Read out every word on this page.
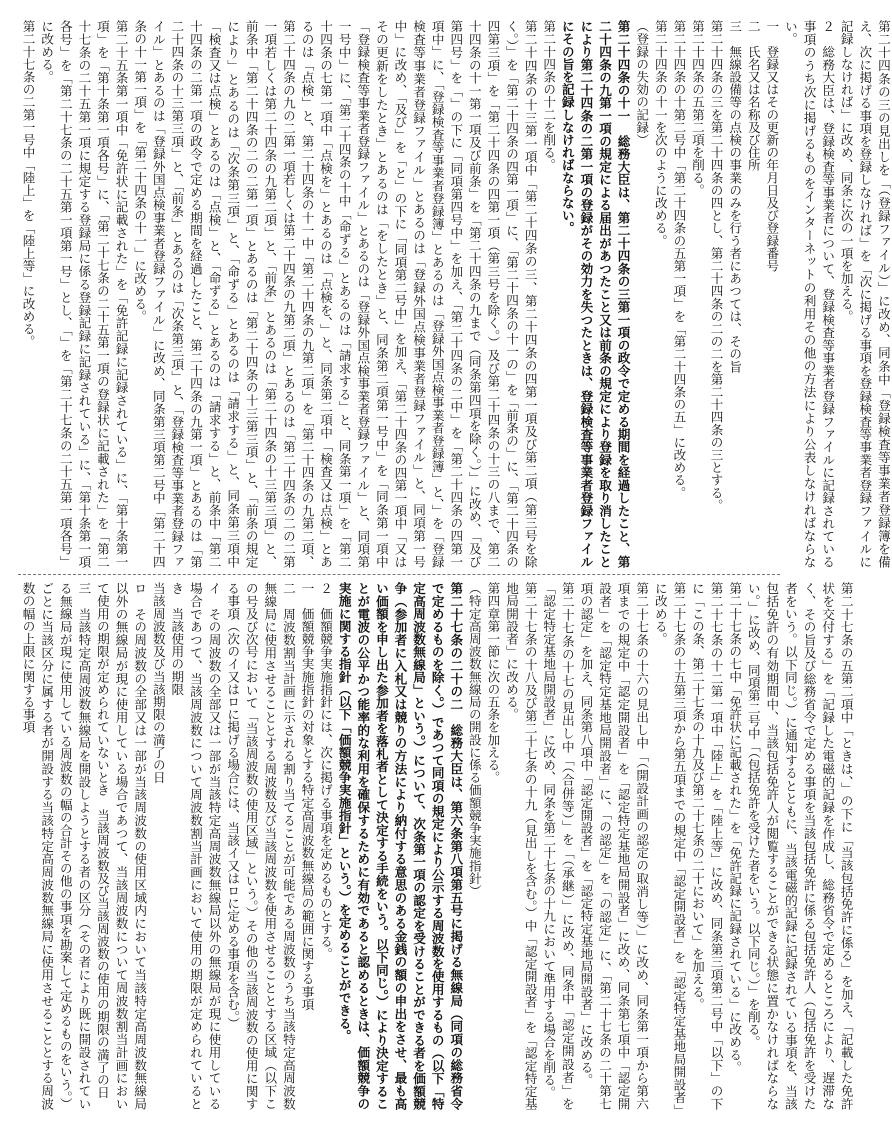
第二十四条の三の見出しを「（登録ファイル）」に改め、同条中「登録検査等事業者登録簿を備え、次に掲げる事項を登録しなければ」を「次に掲げる事項を登録検査等事業者登録ファイルに記録しなければ」に改め、同条に次の一項を加える。
２　総務大臣は、登録検査等事業者について、登録検査等事業者登録ファイルに記録されている事項のうち次に掲げるものをインターネットの利用その他の方法により公表しなければならない。
一　登録又はその更新の年月日及び登録番号
二　氏名又は名称及び住所
三　無線設備等の点検の事業のみを行う者にあつては、その旨
第二十四条の三を第二十四条の四とし、第二十四条の二の二を第二十四条の三とする。
第二十四条の五第二項を削る。
第二十四条の十第二号中「第二十四条の五第一項」を「第二十四条の五」に改める。
第二十四条の十一を次のように改める。
（登録の失効の記録）
第二十四条の十一　総務大臣は、第二十四条の三第一項の政令で定める期間を経過したこと、第二十四条の九第一項の規定による届出があつたこと又は前条の規定により登録を取り消したことにより第二十四条の二第一項の登録がその効力を失つたときは、登録検査等事業者登録ファイルにその旨を記録しなければならない。
第二十四条の十二を削る。
第二十四条の十三第一項中「第二十四条の三、第二十四条の四第一項及び第二項（第三号を除く。）」を「第二十四条の四第一項」に、「第二十四条の十一の」を「前条の」に、「第二十四条の四第三項」を「第二十四条の四第一項（第三号を除く。）及び第二十四条の十三の八まで、第二十四条の十一第一項及び前条」を「第二十四条の九まで（同条第四項を除く。）」に改め、「及び第四号」を「」の下に「同項第四号中」を加え、「第二十四条の二中」を「第二十四条の四第一項中」に、「登録検査等事業者登録簿」とあるのは「登録外国点検事業者登録簿」と、」を「登録検査等事業者登録ファイル」とあるのは「登録外国点検事業者登録ファイル」と、同項第一号中」に改め、「及び」を「と」の下に「同項第二号中」を加え、「第二十四条の四第一項中「又はその更新をしたとき」とあるのは「をしたとき」と、同条第二項第一号中」を「同条第一項中「登録検査等事業者登録ファイル」とあるのは「登録外国点検事業者登録ファイル」と、同項第一号中」に、「第二十四条の十中「命ずる」とあるのは「請求する」と、同条第一項」を「第二十四条の七第一項中「点検を」とあるのは「点検を、」と、同条第二項中「検査又は点検」とあるのは「点検」と、第二十四条の十一中「第二十四条の九第二項」を「第二十四条の九第二項、第二十四条の九の二第一項若しくは第二十四条の九第二項」とあるのは「第二十四条の二の二第一項若しくは第二十四条の九第二項」と、「前条」とあるのは「第二十四条の十三第三項」と、前条中「第二十四条の二の二第一項」とあるのは「第二十四条の十三第三項」と、「前条の規定により」とあるのは「次条第三項」と、「命ずる」とあるのは「請求する」と、同条第三項中「検査又は点検」とあるのは「点検」と、「命ずる」とあるのは「請求する」と、前条中「第二十四条の二第一項の政令で定める期間を経過したこと、第二十四条の九第一項」とあるのは「第二十四条の十三第三項」と、「前条」とあるのは「次条第三項」と、「登録検査等事業者登録ファイル」とあるのは「登録外国点検事業者登録ファイル」に改め、同条第三項第二号中「第二十四条の十一第一項」を「第二十四条の十一」に改める。
第二十五条第一項中「免許状に記載された」を「免許記録に記録されている」に、「第十条第一項」を「第十条第一項各号」に、「第二十七条の二十五第一項の登録状に記載された」を「第二十七条の二十五第一項に規定する登録局に係る登録記録に記録されている」に、「第十条第一項各号」を「第二十七条の二十五第一項第一号」とし、「」を「第二十七条の二十五第一項各号」に改める。
第二十七条の二第一号中「陸上」を「陸上等」に改める。
第二十七条の五第二項中「ときは、」の下に「当該包括免許に係る」を加え、「記載した免許状を交付する」を「記録した電磁的記録を作成し、総務省令で定めるところにより、遅滞なく、その旨及び総務省令で定める事項を当該包括免許に係る包括免許人（包括免許を受けた者をいう。以下同じ。）に通知するとともに、当該電磁的記録に記録されている事項を、当該包括免許の有効期間中、当該包括免許人が閲覧することができる状態に置かなければならない。」に改め、同項第二号中「（包括免許を受けた者をいう。以下同じ。）」を削る。
第二十七条の七中「免許状に記載された」を「免許記録に記録されている」に改める。
第二十七条の十二第一項中「陸上」を「陸上等」に改め、同条第三項第二号中「以下」の下に「この条、第二十七条の十九及び第二十七条の二十において」を加える。
第二十七条の十五第三項から第五項までの規定中「認定開設者」を「認定特定基地局開設者」に改める。
第二十七条の十六の見出し中「（開設計画の認定の取消し等）」に改め、同条第一項から第六項までの規定中「認定開設者」を「認定特定基地局開設者」に改め、同条第七項中「認定開設者」を「認定特定基地局開設者」に、「の認定」を「の認定」に、「第二十七条の二十第七項の認定」を加え、同条第八項中「認定開設者」を「認定特定基地局開設者」に改める。
第二十七条の十七の見出し中「（合併等）」を「（承継）」に改め、同条中「認定開設者」を「認定特定基地局開設者」に改め、同条を第二十七条の十九において準用する場合を削る。
第二十七条の十八及び第二十七条の十九（見出しを含む。）中「認定開設者」を「認定特定基地局開設者」に改める。
第四章第一節に次の五条を加える。
（特定高周波数無線局の開設に係る価額競争実施指針）
第二十七条の二十の二　総務大臣は、第六条第八項第五号に掲げる無線局（同項の総務省令で定めるものを除く。）であつて同項の規定により公示する周波数を使用するもの（以下「特定高周波数無線局」という。）について、次条第一項の認定を受けることができる者を価額競争（参加者に入札又は競りの方法により納付する意思のある金銭の額の申出をさせ、最も高い価額を申し出た参加者を落札者として決定する手続をいう。以下同じ。）により決定することが電波の公平かつ能率的な利用を確保するために有効であると認めるときは、価額競争の実施に関する指針（以下「価額競争実施指針」という。）を定めることができる。
２　価額競争実施指針には、次に掲げる事項を定めるものとする。
一　価額競争実施指針の対象とする特定高周波数無線局の範囲に関する事項
二　周波数割当計画に示される割り当てることが可能である周波数のうち当該特定高周波数無線局に使用させることとする周波数及び当該周波数を使用させることとする区域（以下この号及び次号において「当該周波数の使用区域」という。）その他の当該周波数の使用に関する事項（次のイ又はロに掲げる場合には、当該イ又はロに定める事項を含む。）
イ　その周波数の全部又は一部が当該特定高周波数無線局以外の無線局が現に使用している場合であつて、当該周波数について周波数割当計画において使用の期限が定められているとき　当該使用の期限
当該周波数及び当該期限の満了の日
ロ　その周波数の全部又は一部が当該周波数の使用区域内において当該特定高周波数無線局以外の無線局が現に使用している場合であつて、当該周波数について周波数割当計画において使用の期限が定められていないとき　当該周波数及び当該周波数の使用の期限の満了の日
三　当該特定高周波数無線局を開設しようとする者の区分（その者により既に開設されている無線局が現に使用している周波数の幅の合計その他の事項を勘案して定めるものをいう。）ごとに当該区分に属する者が開設する当該特定高周波数無線局に使用させることとする周波数の幅の上限に関する事項
